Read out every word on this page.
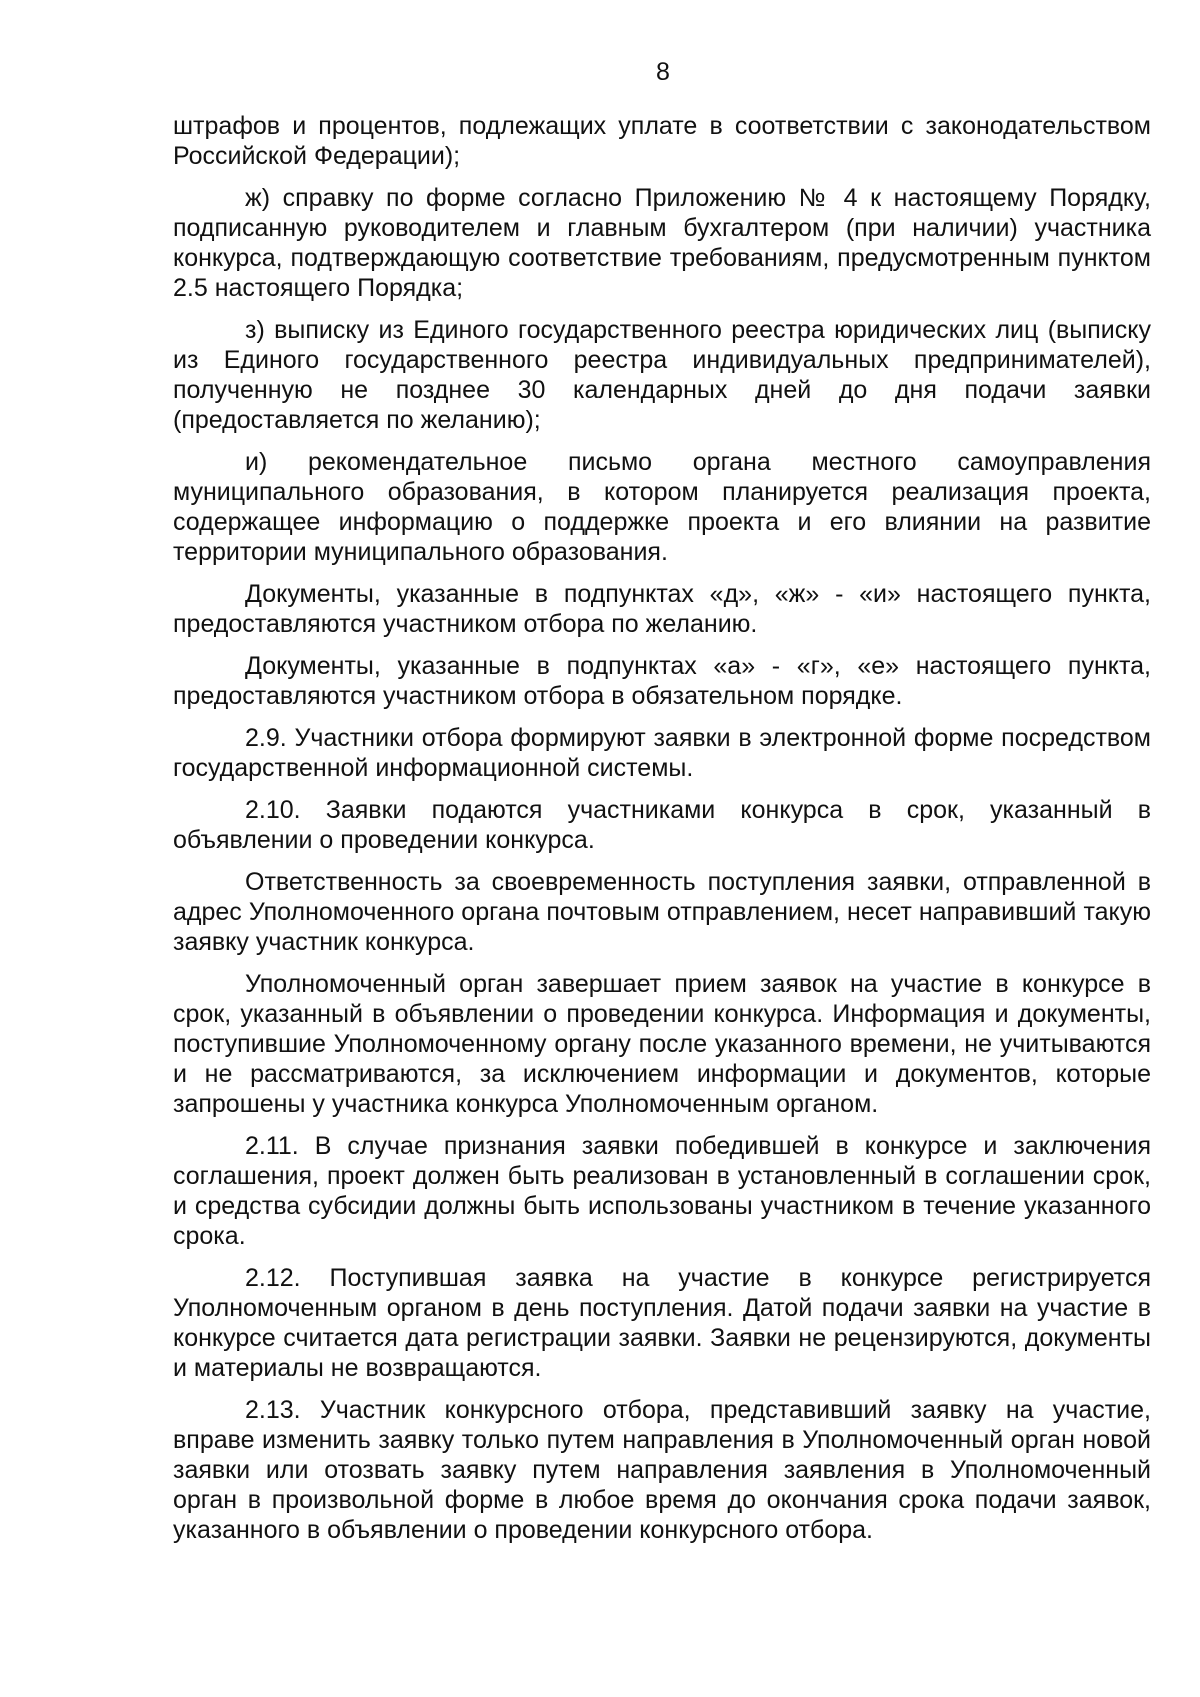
8

штрафов и процентов, подлежащих уплате в соответствии с законодательством Российской Федерации);

ж) справку по форме согласно Приложению № 4 к настоящему Порядку, подписанную руководителем и главным бухгалтером (при наличии) участника конкурса, подтверждающую соответствие требованиям, предусмотренным пунктом 2.5 настоящего Порядка;

з) выписку из Единого государственного реестра юридических лиц (выписку из Единого государственного реестра индивидуальных предпринимателей), полученную не позднее 30 календарных дней до дня подачи заявки (предоставляется по желанию);

и) рекомендательное письмо органа местного самоуправления муниципального образования, в котором планируется реализация проекта, содержащее информацию о поддержке проекта и его влиянии на развитие территории муниципального образования.

Документы, указанные в подпунктах «д», «ж» - «и» настоящего пункта, предоставляются участником отбора по желанию.

Документы, указанные в подпунктах «а» - «г», «е» настоящего пункта, предоставляются участником отбора в обязательном порядке.

2.9. Участники отбора формируют заявки в электронной форме посредством государственной информационной системы.

2.10. Заявки подаются участниками конкурса в срок, указанный в объявлении о проведении конкурса.

Ответственность за своевременность поступления заявки, отправленной в адрес Уполномоченного органа почтовым отправлением, несет направивший такую заявку участник конкурса.

Уполномоченный орган завершает прием заявок на участие в конкурсе в срок, указанный в объявлении о проведении конкурса. Информация и документы, поступившие Уполномоченному органу после указанного времени, не учитываются и не рассматриваются, за исключением информации и документов, которые запрошены у участника конкурса Уполномоченным органом.

2.11. В случае признания заявки победившей в конкурсе и заключения соглашения, проект должен быть реализован в установленный в соглашении срок, и средства субсидии должны быть использованы участником в течение указанного срока.

2.12. Поступившая заявка на участие в конкурсе регистрируется Уполномоченным органом в день поступления. Датой подачи заявки на участие в конкурсе считается дата регистрации заявки. Заявки не рецензируются, документы и материалы не возвращаются.

2.13. Участник конкурсного отбора, представивший заявку на участие, вправе изменить заявку только путем направления в Уполномоченный орган новой заявки или отозвать заявку путем направления заявления в Уполномоченный орган в произвольной форме в любое время до окончания срока подачи заявок, указанного в объявлении о проведении конкурсного отбора.
